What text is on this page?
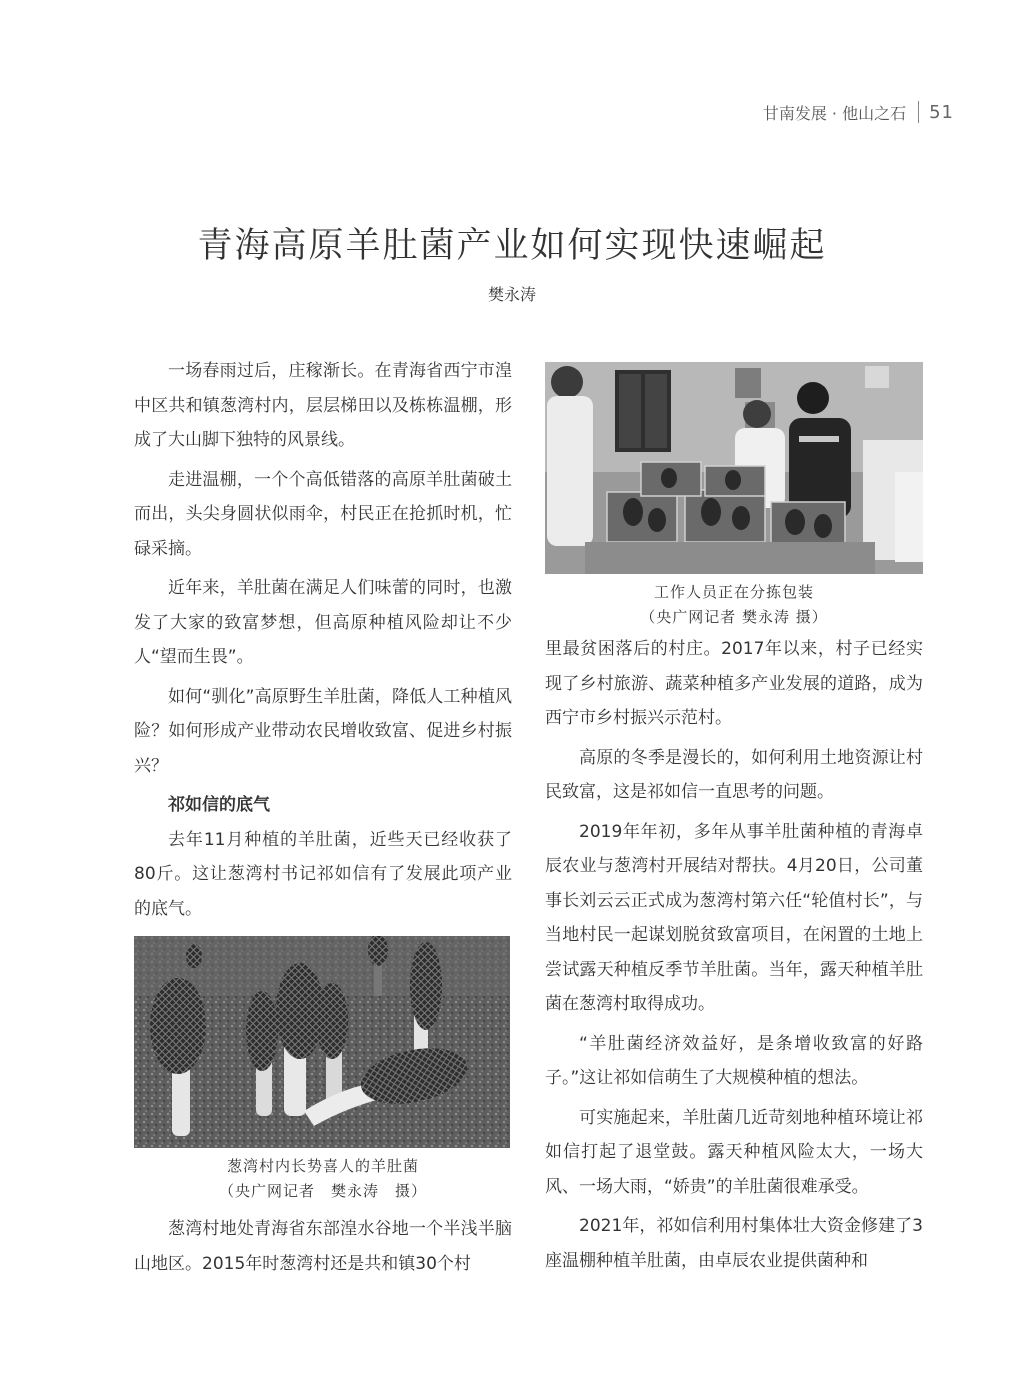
甘南发展 · 他山之石 51
青海高原羊肚菌产业如何实现快速崛起
樊永涛

一场春雨过后，庄稼渐长。在青海省西宁市湟中区共和镇葱湾村内，层层梯田以及栋栋温棚，形成了大山脚下独特的风景线。

走进温棚，一个个高低错落的高原羊肚菌破土而出，头尖身圆状似雨伞，村民正在抢抓时机，忙碌采摘。

近年来，羊肚菌在满足人们味蕾的同时，也激发了大家的致富梦想，但高原种植风险却让不少人“望而生畏”。

如何“驯化”高原野生羊肚菌，降低人工种植风险？如何形成产业带动农民增收致富、促进乡村振兴？

祁如信的底气

去年11月种植的羊肚菌，近些天已经收获了80斤。这让葱湾村书记祁如信有了发展此项产业的底气。

葱湾村内长势喜人的羊肚菌
（央广网记者　樊永涛　摄）

葱湾村地处青海省东部湟水谷地一个半浅半脑山地区。2015年时葱湾村还是共和镇30个村

工作人员正在分拣包装
（央广网记者 樊永涛 摄）

里最贫困落后的村庄。2017年以来，村子已经实现了乡村旅游、蔬菜种植多产业发展的道路，成为西宁市乡村振兴示范村。

高原的冬季是漫长的，如何利用土地资源让村民致富，这是祁如信一直思考的问题。

2019年年初，多年从事羊肚菌种植的青海卓辰农业与葱湾村开展结对帮扶。4月20日，公司董事长刘云云正式成为葱湾村第六任“轮值村长”，与当地村民一起谋划脱贫致富项目，在闲置的土地上尝试露天种植反季节羊肚菌。当年，露天种植羊肚菌在葱湾村取得成功。

“羊肚菌经济效益好，是条增收致富的好路子。”这让祁如信萌生了大规模种植的想法。

可实施起来，羊肚菌几近苛刻地种植环境让祁如信打起了退堂鼓。露天种植风险太大，一场大风、一场大雨，“娇贵”的羊肚菌很难承受。

2021年，祁如信利用村集体壮大资金修建了3座温棚种植羊肚菌，由卓辰农业提供菌种和
